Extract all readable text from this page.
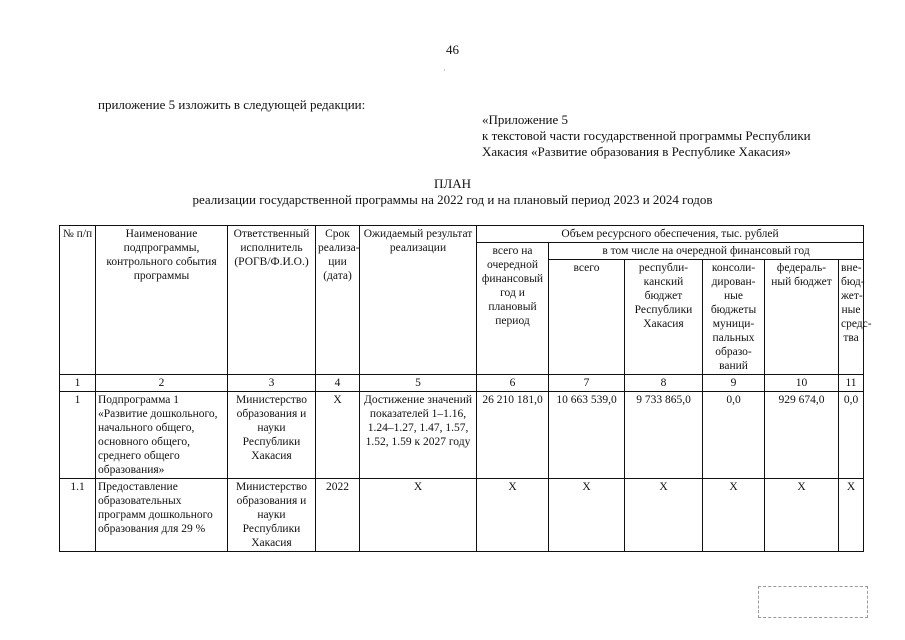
46
·
приложение 5 изложить в следующей редакции:
«Приложение 5
к текстовой части государственной программы Республики
Хакасия «Развитие образования в Республике Хакасия»
ПЛАН
реализации государственной программы на 2022 год и на плановый период 2023 и 2024 годов
№ п/п	Наименование подпрограммы, контрольного события программы	Ответственный исполнитель (РОГВ/Ф.И.О.)	Срок реализа-ции (дата)	Ожидаемый результат реализации	Объем ресурсного обеспечения, тыс. рублей					
					всего на очередной финансовый год и плановый период	в том числе на очередной финансовый год				
						всего	республи-канский бюджет Республики Хакасия	консоли-дирован-ные бюджеты муници-пальных образо-ваний	федераль-ный бюджет	вне-бюд-жет-ные средс-тва
1	2	3	4	5	6	7	8	9	10	11
1	Подпрограмма 1 «Развитие дошкольного, начального общего, основного общего, среднего общего образования»	Министерство образования и науки Республики Хакасия	Х	Достижение значений показателей 1–1.16, 1.24–1.27, 1.47, 1.57, 1.52, 1.59 к 2027 году	26 210 181,0	10 663 539,0	9 733 865,0	0,0	929 674,0	0,0
1.1	Предоставление образовательных программ дошкольного образования для 29 %	Министерство образования и науки Республики Хакасия	2022	Х	Х	Х	Х	Х	Х	Х
